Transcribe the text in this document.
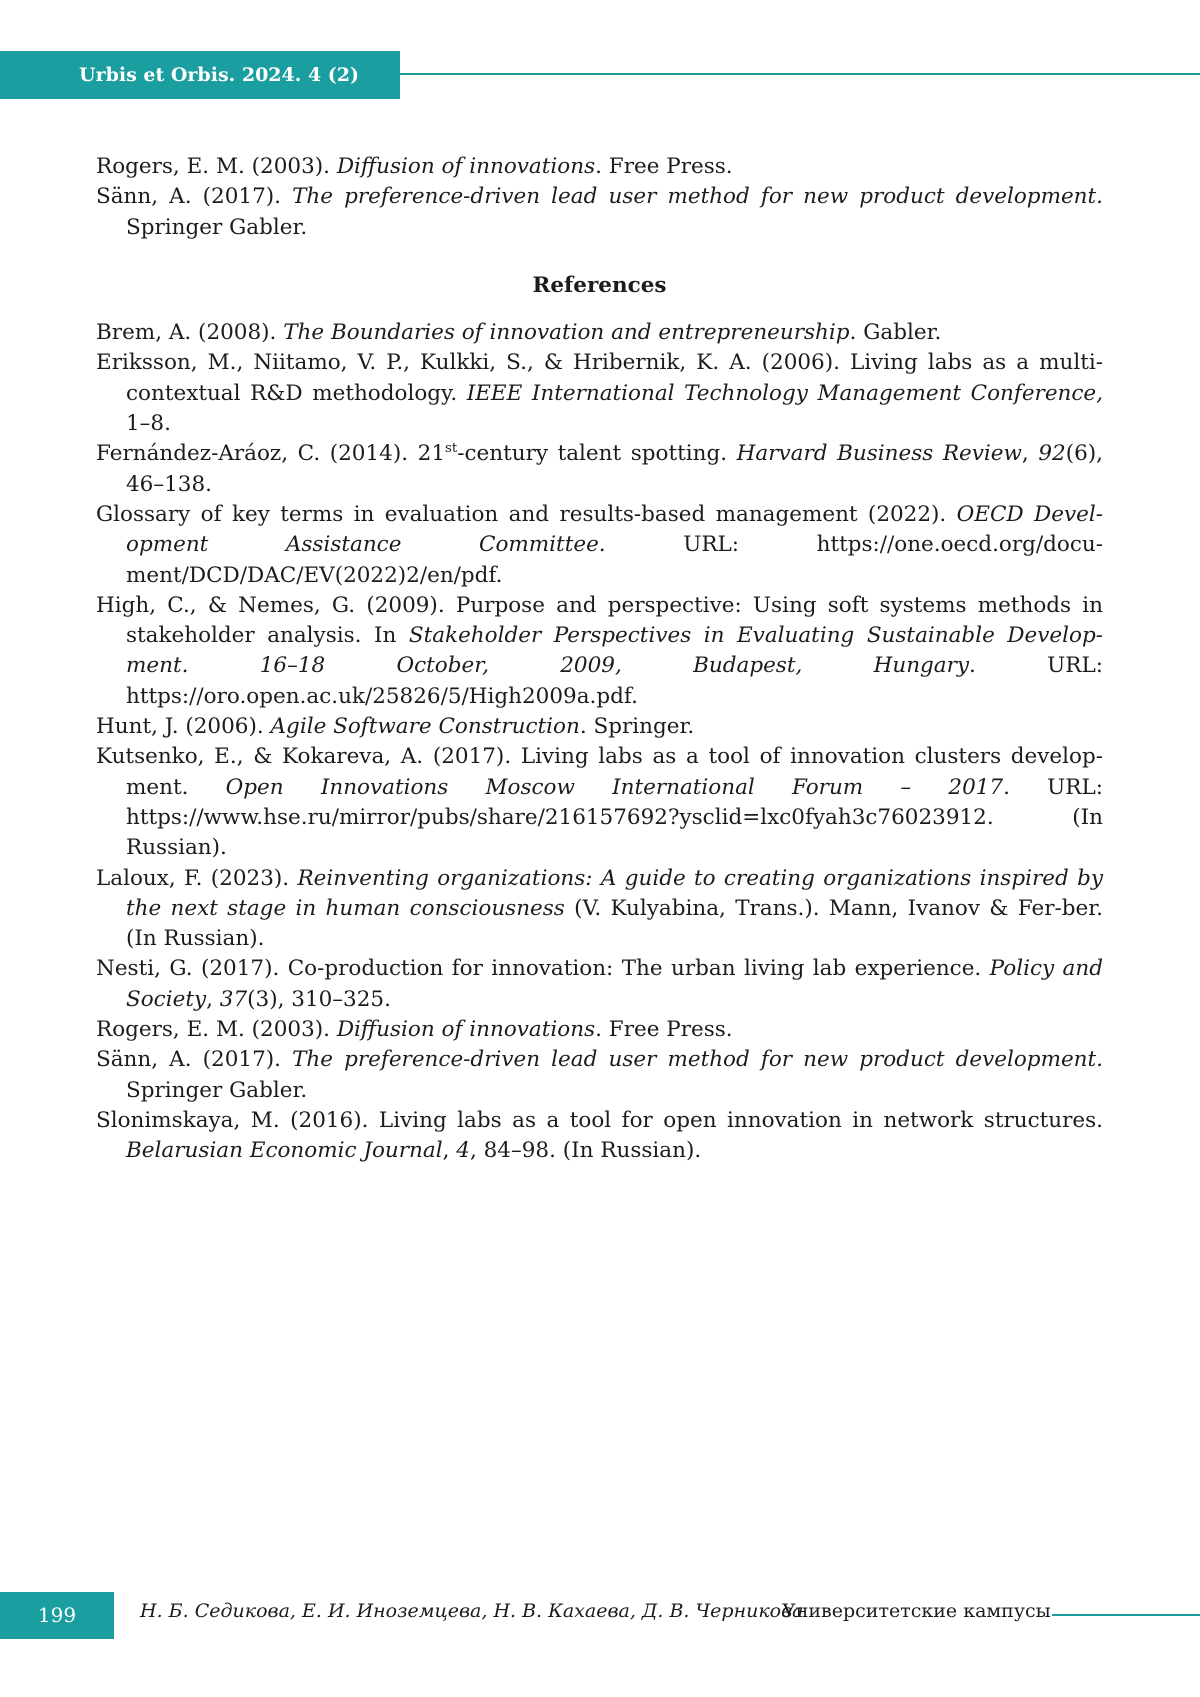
Urbis et Orbis. 2024. 4 (2)

Rogers, E. M. (2003). Diffusion of innovations. Free Press.

Sänn, A. (2017). The preference-driven lead user method for new product development. Springer Gabler.

References

Brem, A. (2008). The Boundaries of innovation and entrepreneurship. Gabler.

Eriksson, M., Niitamo, V. P., Kulkki, S., & Hribernik, K. A. (2006). Living labs as a multi-contextual R&D methodology. IEEE International Technology Management Conference, 1–8.

Fernández-Aráoz, C. (2014). 21st-century talent spotting. Harvard Business Review, 92(6), 46–138.

Glossary of key terms in evaluation and results-based management (2022). OECD Devel-opment Assistance Committee. URL: https://one.oecd.org/docu-ment/DCD/DAC/EV(2022)2/en/pdf.

High, C., & Nemes, G. (2009). Purpose and perspective: Using soft systems methods in stakeholder analysis. In Stakeholder Perspectives in Evaluating Sustainable Develop-ment. 16–18 October, 2009, Budapest, Hungary. URL: https://oro.open.ac.uk/25826/5/High2009a.pdf.

Hunt, J. (2006). Agile Software Construction. Springer.

Kutsenko, E., & Kokareva, A. (2017). Living labs as a tool of innovation clusters develop-ment. Open Innovations Moscow International Forum – 2017. URL: https://www.hse.ru/mirror/pubs/share/216157692?ysclid=lxc0fyah3c76023912. (In Russian).

Laloux, F. (2023). Reinventing organizations: A guide to creating organizations inspired by the next stage in human consciousness (V. Kulyabina, Trans.). Mann, Ivanov & Fer-ber. (In Russian).

Nesti, G. (2017). Co-production for innovation: The urban living lab experience. Policy and Society, 37(3), 310–325.

Rogers, E. M. (2003). Diffusion of innovations. Free Press.

Sänn, A. (2017). The preference-driven lead user method for new product development. Springer Gabler.

Slonimskaya, M. (2016). Living labs as a tool for open innovation in network structures. Belarusian Economic Journal, 4, 84–98. (In Russian).

199	Н. Б. Седикова, Е. И. Иноземцева, Н. В. Кахаева, Д. В. Черникова
Университетские кампусы
